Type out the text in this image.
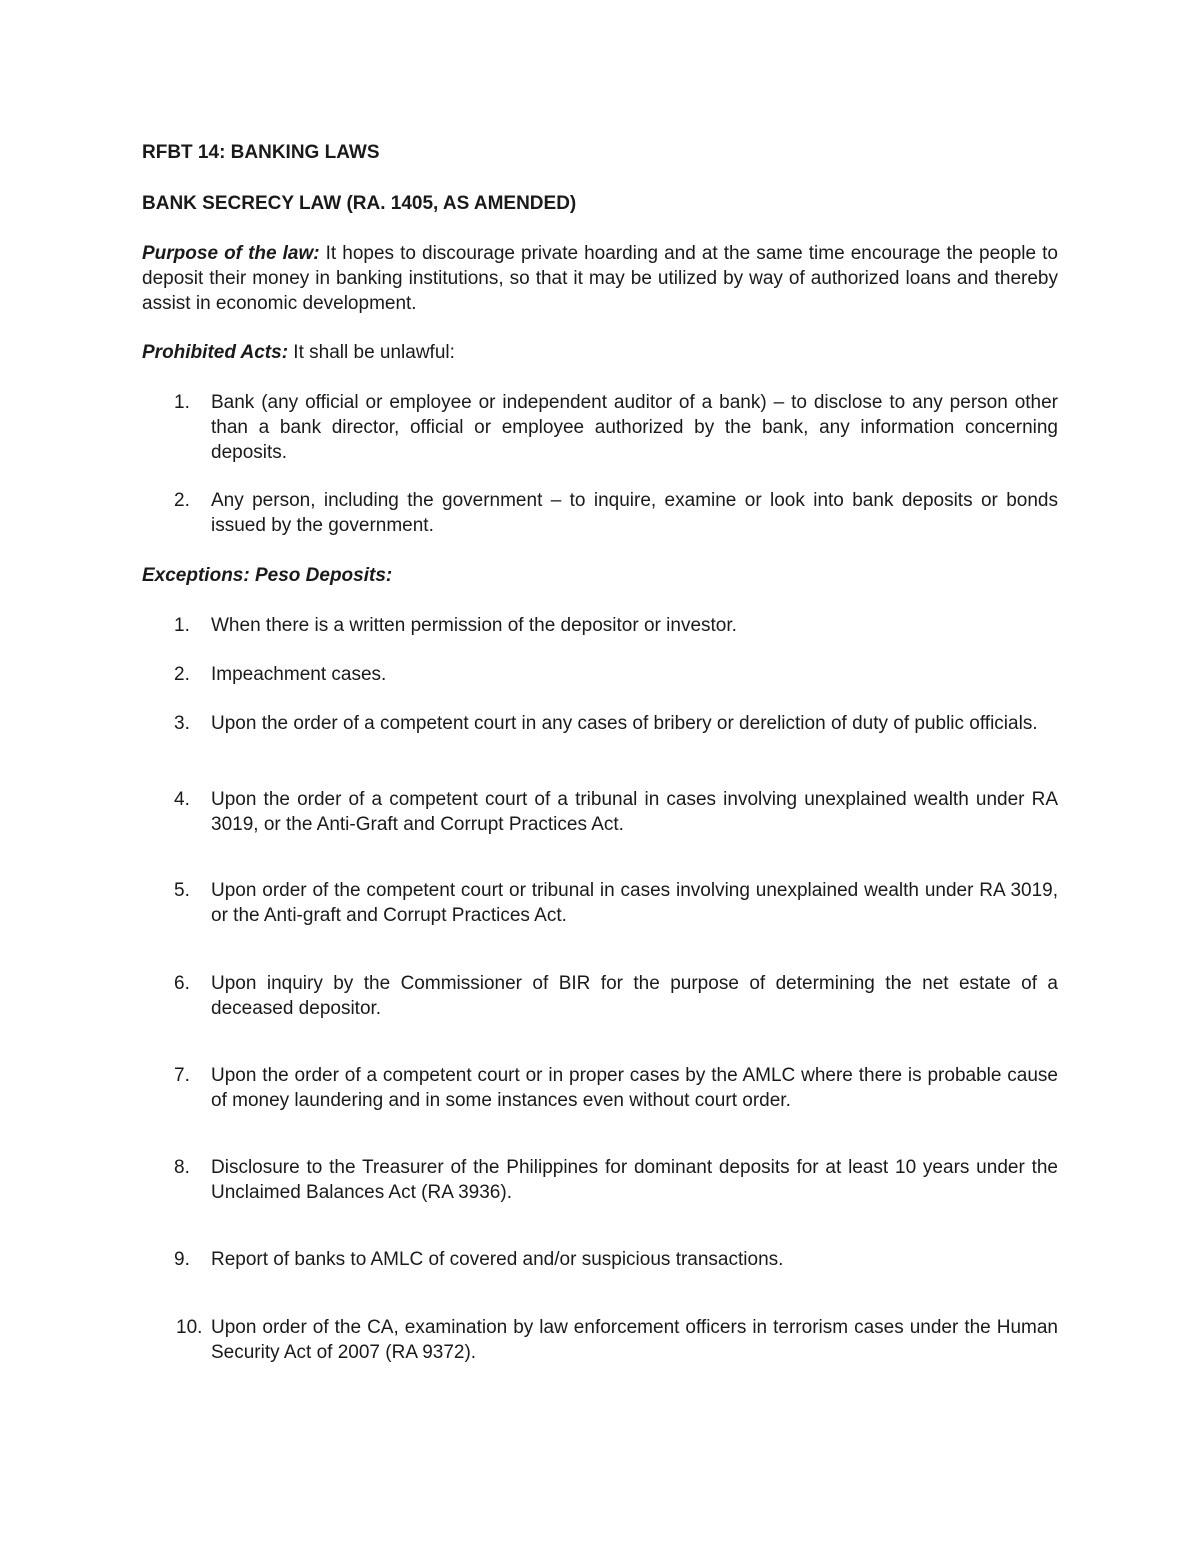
RFBT 14: BANKING LAWS
BANK SECRECY LAW (RA. 1405, AS AMENDED)
Purpose of the law: It hopes to discourage private hoarding and at the same time encourage the people to deposit their money in banking institutions, so that it may be utilized by way of authorized loans and thereby assist in economic development.
Prohibited Acts: It shall be unlawful:
1.	Bank (any official or employee or independent auditor of a bank) – to disclose to any person other than a bank director, official or employee authorized by the bank, any information concerning deposits.
2.	Any person, including the government – to inquire, examine or look into bank deposits or bonds issued by the government.
Exceptions: Peso Deposits:
1.	When there is a written permission of the depositor or investor.
2.	Impeachment cases.
3.	Upon the order of a competent court in any cases of bribery or dereliction of duty of public officials.
4.	Upon the order of a competent court of a tribunal in cases involving unexplained wealth under RA 3019, or the Anti-Graft and Corrupt Practices Act.
5.	Upon order of the competent court or tribunal in cases involving unexplained wealth under RA 3019, or the Anti-graft and Corrupt Practices Act.
6.	Upon inquiry by the Commissioner of BIR for the purpose of determining the net estate of a deceased depositor.
7.	Upon the order of a competent court or in proper cases by the AMLC where there is probable cause of money laundering and in some instances even without court order.
8.	Disclosure to the Treasurer of the Philippines for dominant deposits for at least 10 years under the Unclaimed Balances Act (RA 3936).
9.	Report of banks to AMLC of covered and/or suspicious transactions.
10. Upon order of the CA, examination by law enforcement officers in terrorism cases under the Human Security Act of 2007 (RA 9372).
